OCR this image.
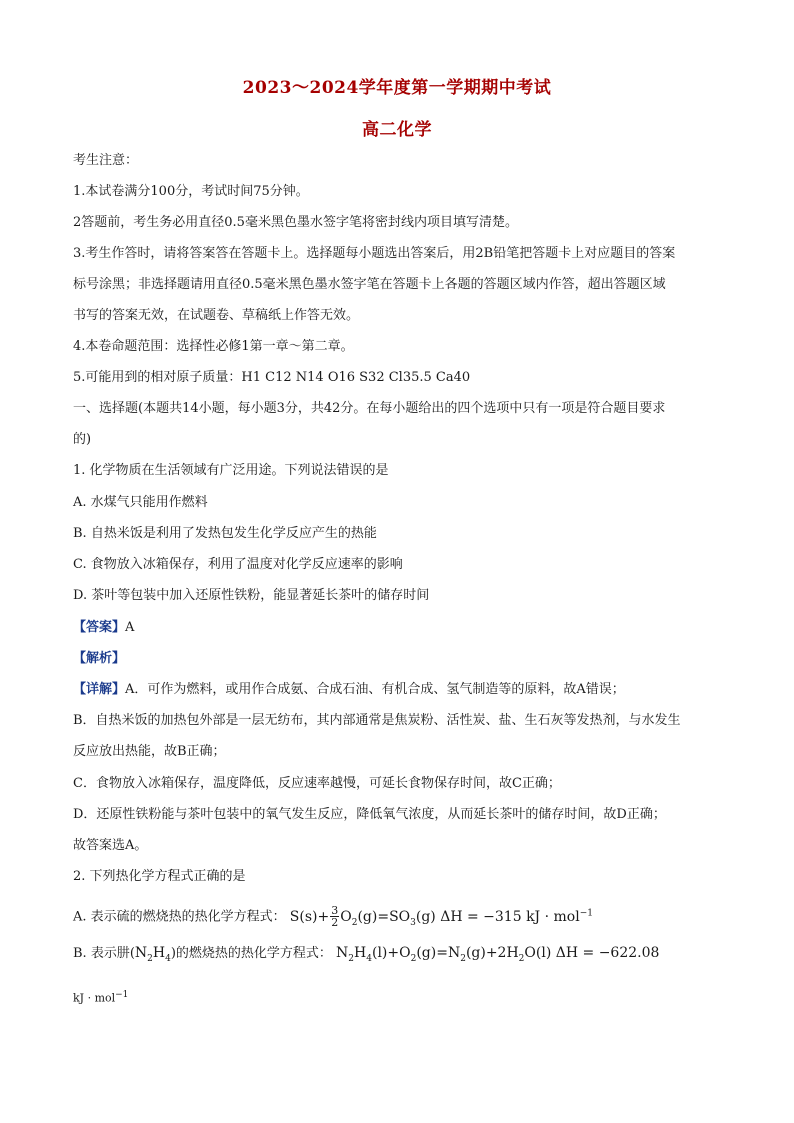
2023～2024学年度第一学期期中考试
高二化学
考生注意：
1.本试卷满分100分，考试时间75分钟。
2答题前，考生务必用直径0.5毫米黑色墨水签字笔将密封线内项目填写清楚。
3.考生作答时，请将答案答在答题卡上。选择题每小题选出答案后，用2B铅笔把答题卡上对应题目的答案
标号涂黑；非选择题请用直径0.5毫米黑色墨水签字笔在答题卡上各题的答题区域内作答，超出答题区域
书写的答案无效，在试题卷、草稿纸上作答无效。
4.本卷命题范围：选择性必修1第一章～第二章。
5.可能用到的相对原子质量：H1 C12 N14 O16 S32 Cl35.5 Ca40
一、选择题(本题共14小题，每小题3分，共42分。在每小题给出的四个选项中只有一项是符合题目要求
的)
1. 化学物质在生活领域有广泛用途。下列说法错误的是
A. 水煤气只能用作燃料
B. 自热米饭是利用了发热包发生化学反应产生的热能
C. 食物放入冰箱保存，利用了温度对化学反应速率的影响
D. 茶叶等包装中加入还原性铁粉，能显著延长茶叶的储存时间
【答案】A
【解析】
【详解】A．可作为燃料，或用作合成氨、合成石油、有机合成、氢气制造等的原料，故A错误；
B．自热米饭的加热包外部是一层无纺布，其内部通常是焦炭粉、活性炭、盐、生石灰等发热剂，与水发生
反应放出热能，故B正确；
C．食物放入冰箱保存，温度降低，反应速率越慢，可延长食物保存时间，故C正确；
D．还原性铁粉能与茶叶包装中的氧气发生反应，降低氧气浓度，从而延长茶叶的储存时间，故D正确；
故答案选A。
2. 下列热化学方程式正确的是
A. 表示硫的燃烧热的热化学方程式： $S(s)+ \frac{3}{2} O_2(g)=SO_3(g) \Delta H = -315$ kJ · mol$^{-1}$
B. 表示肼$(N_2H_4)$的燃烧热的热化学方程式： $N_2H_4(l)+O_2(g)=N_2(g)+2H_2O(l) \Delta H = -622.08$
kJ · mol$^{-1}$
